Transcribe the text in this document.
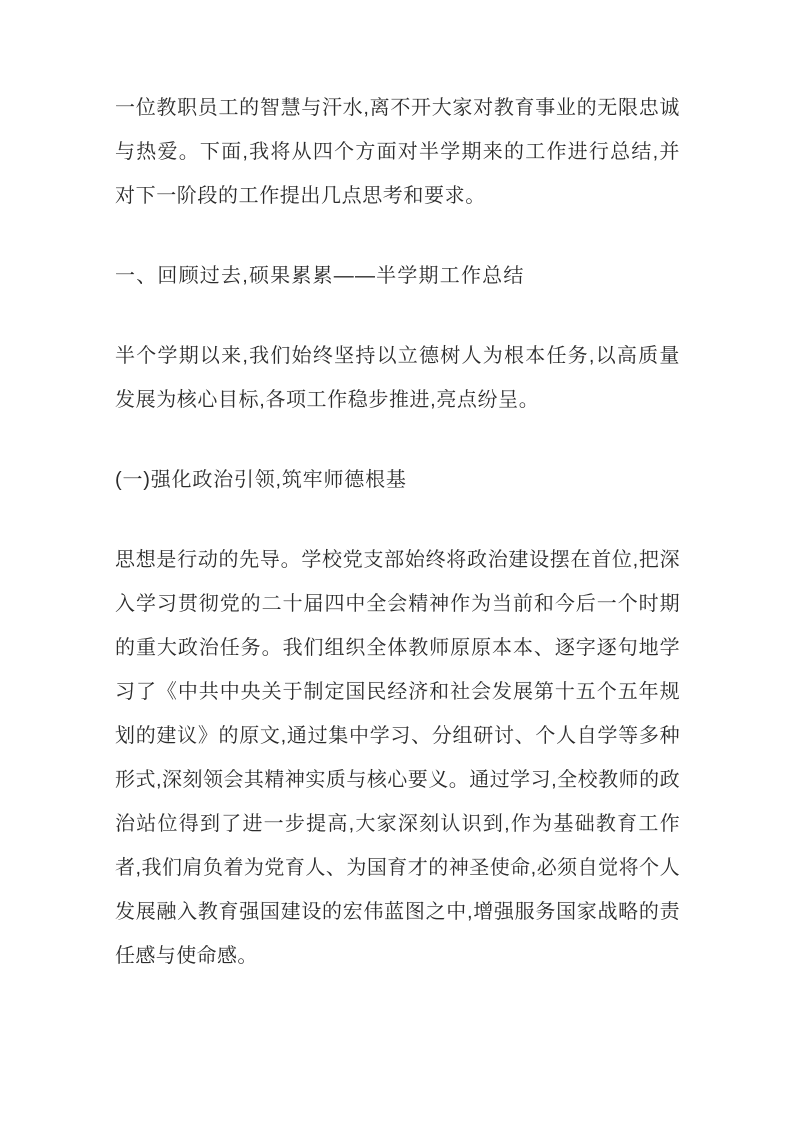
一位教职员工的智慧与汗水,离不开大家对教育事业的无限忠诚与热爱。下面,我将从四个方面对半学期来的工作进行总结,并对下一阶段的工作提出几点思考和要求。

一、回顾过去,硕果累累——半学期工作总结

半个学期以来,我们始终坚持以立德树人为根本任务,以高质量发展为核心目标,各项工作稳步推进,亮点纷呈。

(一)强化政治引领,筑牢师德根基

思想是行动的先导。学校党支部始终将政治建设摆在首位,把深入学习贯彻党的二十届四中全会精神作为当前和今后一个时期的重大政治任务。我们组织全体教师原原本本、逐字逐句地学习了《中共中央关于制定国民经济和社会发展第十五个五年规划的建议》的原文,通过集中学习、分组研讨、个人自学等多种形式,深刻领会其精神实质与核心要义。通过学习,全校教师的政治站位得到了进一步提高,大家深刻认识到,作为基础教育工作者,我们肩负着为党育人、为国育才的神圣使命,必须自觉将个人发展融入教育强国建设的宏伟蓝图之中,增强服务国家战略的责任感与使命感。
